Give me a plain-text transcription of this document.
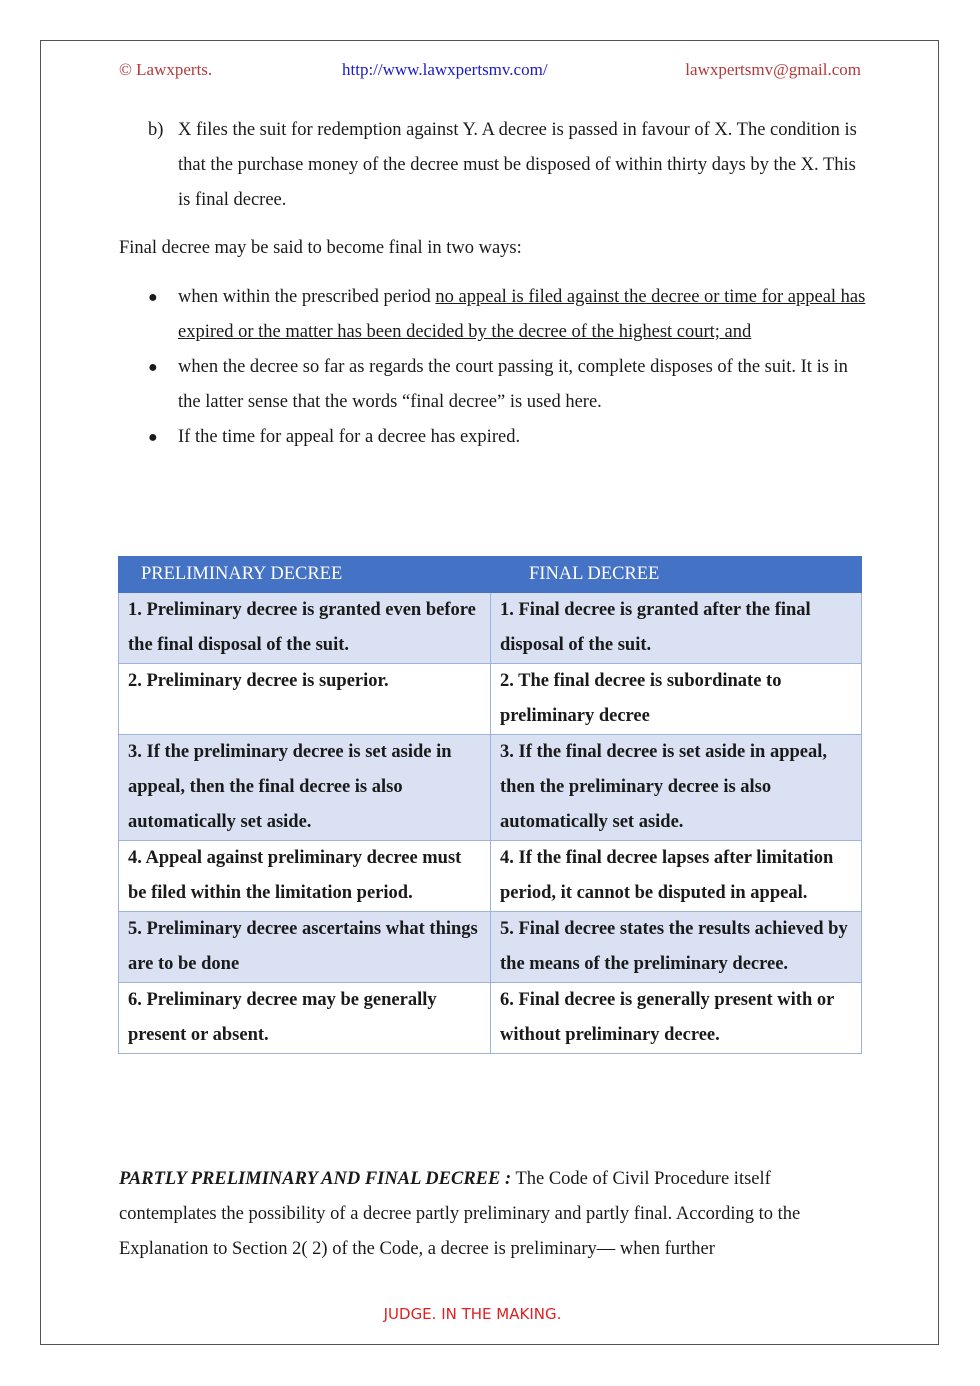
© Lawxperts.	http://www.lawxpertsmv.com/	lawxpertsmv@gmail.com
b) X files the suit for redemption against Y. A decree is passed in favour of X. The condition is that the purchase money of the decree must be disposed of within thirty days by the X. This is final decree.
Final decree may be said to become final in two ways:
● when within the prescribed period no appeal is filed against the decree or time for appeal has expired or the matter has been decided by the decree of the highest court; and
● when the decree so far as regards the court passing it, complete disposes of the suit. It is in the latter sense that the words “final decree” is used here.
● If the time for appeal for a decree has expired.
PRELIMINARY DECREE	FINAL DECREE
1. Preliminary decree is granted even before the final disposal of the suit.	1. Final decree is granted after the final disposal of the suit.
2. Preliminary decree is superior.	2. The final decree is subordinate to preliminary decree
3. If the preliminary decree is set aside in appeal, then the final decree is also automatically set aside.	3. If the final decree is set aside in appeal, then the preliminary decree is also automatically set aside.
4. Appeal against preliminary decree must be filed within the limitation period.	4. If the final decree lapses after limitation period, it cannot be disputed in appeal.
5. Preliminary decree ascertains what things are to be done	5. Final decree states the results achieved by the means of the preliminary decree.
6. Preliminary decree may be generally present or absent.	6. Final decree is generally present with or without preliminary decree.
PARTLY PRELIMINARY AND FINAL DECREE : The Code of Civil Procedure itself contemplates the possibility of a decree partly preliminary and partly final. According to the Explanation to Section 2( 2) of the Code, a decree is preliminary— when further
JUDGE. IN THE MAKING.
